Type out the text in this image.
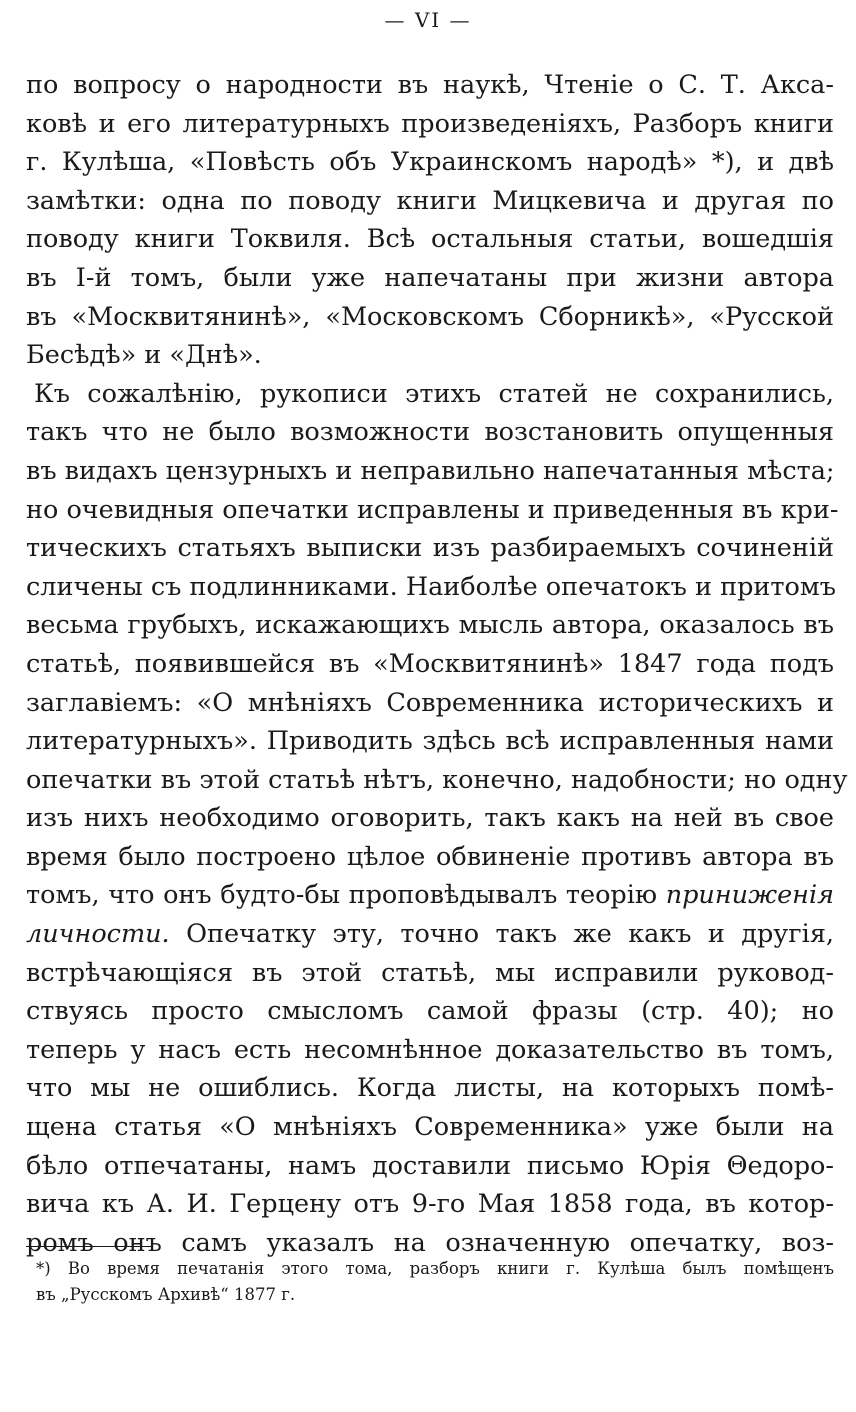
— VI —
по вопросу о народности въ наукѣ, Чтеніе о С. Т. Акса-
ковѣ и его литературныхъ произведеніяхъ, Разборъ книги
г. Кулѣша, «Повѣсть объ Украинскомъ народѣ» *), и двѣ
замѣтки: одна по поводу книги Мицкевича и другая по
поводу книги Токвиля. Всѣ остальныя статьи, вошедшія
въ I-й томъ, были уже напечатаны при жизни автора
въ «Москвитянинѣ», «Московскомъ Сборникѣ», «Русской
Бесѣдѣ» и «Днѣ».
Къ сожалѣнію, рукописи этихъ статей не сохранились,
такъ что не было возможности возстановить опущенныя
въ видахъ цензурныхъ и неправильно напечатанныя мѣста;
но очевидныя опечатки исправлены и приведенныя въ кри-
тическихъ статьяхъ выписки изъ разбираемыхъ сочиненій
сличены съ подлинниками. Наиболѣе опечатокъ и притомъ
весьма грубыхъ, искажающихъ мысль автора, оказалось въ
статьѣ, появившейся въ «Москвитянинѣ» 1847 года подъ
заглавіемъ: «О мнѣніяхъ Современника историческихъ и
литературныхъ». Приводить здѣсь всѣ исправленныя нами
опечатки въ этой статьѣ нѣтъ, конечно, надобности; но одну
изъ нихъ необходимо оговорить, такъ какъ на ней въ свое
время было построено цѣлое обвиненіе противъ автора въ
томъ, что онъ будто-бы проповѣдывалъ теорію приниженія
личности. Опечатку эту, точно такъ же какъ и другія,
встрѣчающіяся въ этой статьѣ, мы исправили руковод-
ствуясь просто смысломъ самой фразы (стр. 40); но
теперь у насъ есть несомнѣнное доказательство въ томъ,
что мы не ошиблись. Когда листы, на которыхъ помѣ-
щена статья «О мнѣніяхъ Современника» уже были на
бѣло отпечатаны, намъ доставили письмо Юрія Θедоро-
вича къ А. И. Герцену отъ 9-го Мая 1858 года, въ котор-
ромъ онъ самъ указалъ на означенную опечатку, воз-
*) Во время печатанія этого тома, разборъ книги г. Кулѣша былъ помѣщенъ
въ „Русскомъ Архивѣ“ 1877 г.
